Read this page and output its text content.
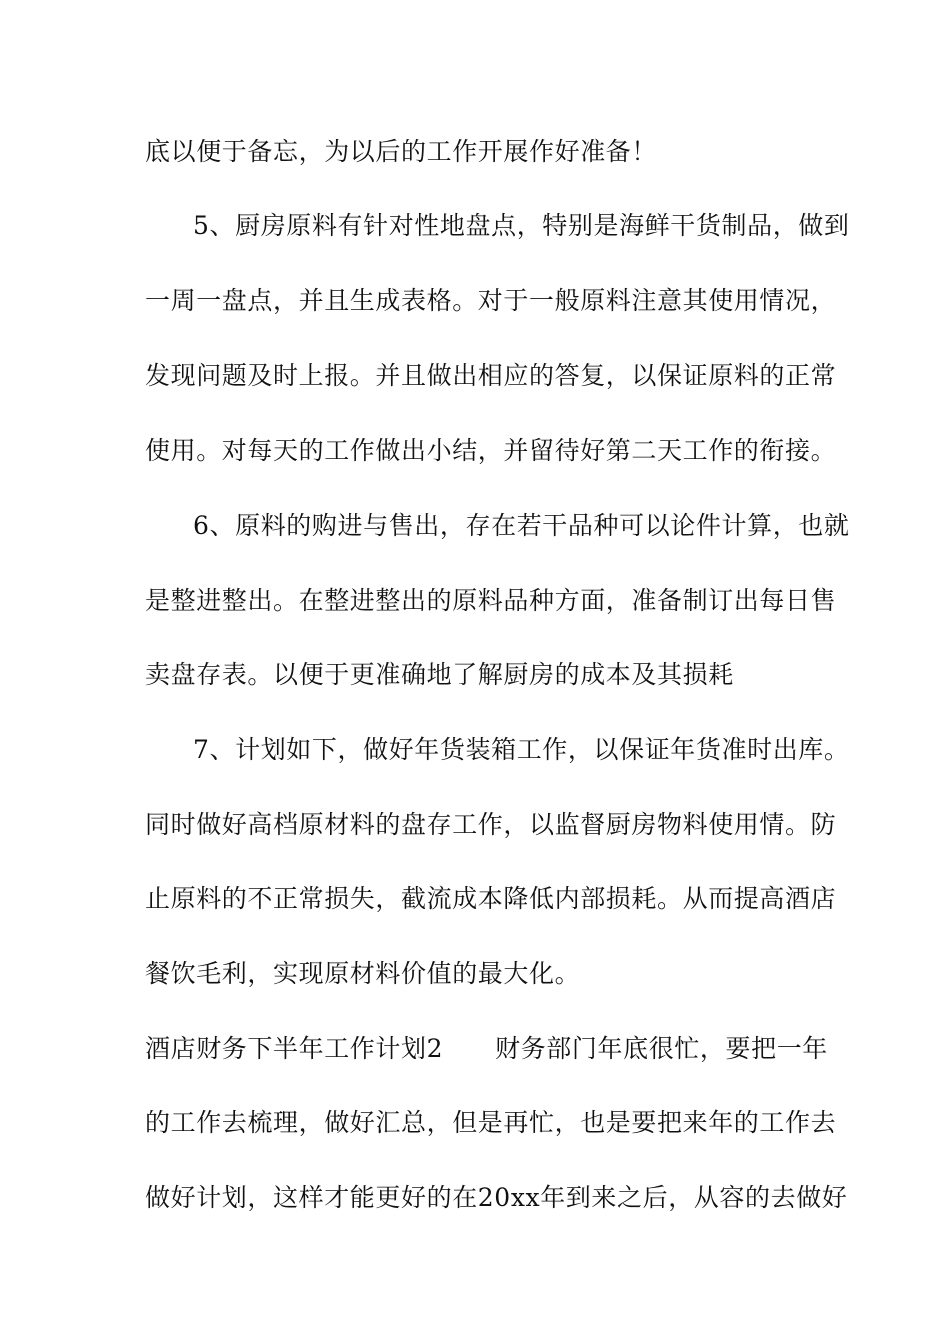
底以便于备忘，为以后的工作开展作好准备！
5、厨房原料有针对性地盘点，特别是海鲜干货制品，做到
一周一盘点，并且生成表格。对于一般原料注意其使用情况，
发现问题及时上报。并且做出相应的答复，以保证原料的正常
使用。对每天的工作做出小结，并留待好第二天工作的衔接。
6、原料的购进与售出，存在若干品种可以论件计算，也就
是整进整出。在整进整出的原料品种方面，准备制订出每日售
卖盘存表。以便于更准确地了解厨房的成本及其损耗
7、计划如下，做好年货装箱工作，以保证年货准时出库。
同时做好高档原材料的盘存工作，以监督厨房物料使用情。防
止原料的不正常损失，截流成本降低内部损耗。从而提高酒店
餐饮毛利，实现原材料价值的最大化。
酒店财务下半年工作计划2 财务部门年底很忙，要把一年
的工作去梳理，做好汇总，但是再忙，也是要把来年的工作去
做好计划，这样才能更好的在20xx年到来之后，从容的去做好
